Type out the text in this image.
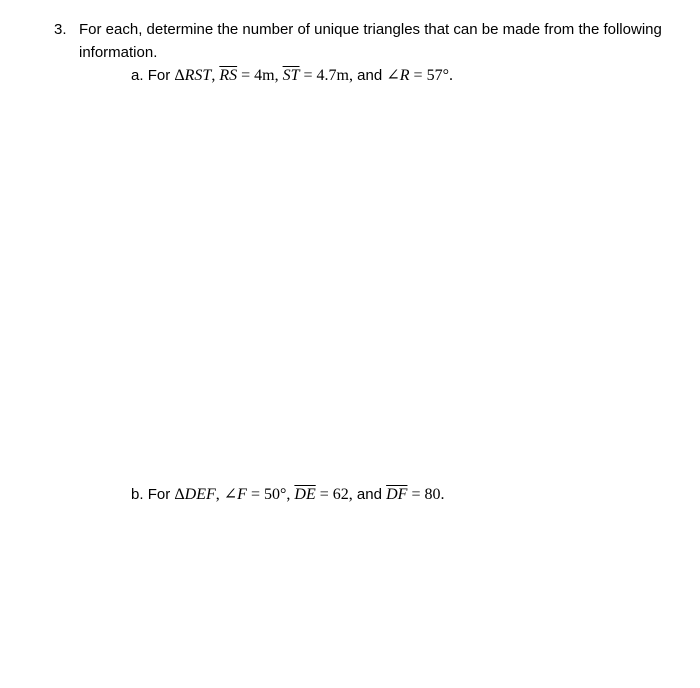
3. For each, determine the number of unique triangles that can be made from the following
information.
a. For ΔRST, $\overline{RS} = 4m$, $\overline{ST} = 4.7m$, and ∠R = 57°.
b. For ΔDEF, ∠F = 50°, $\overline{DE} = 62$, and $\overline{DF} = 80$.
